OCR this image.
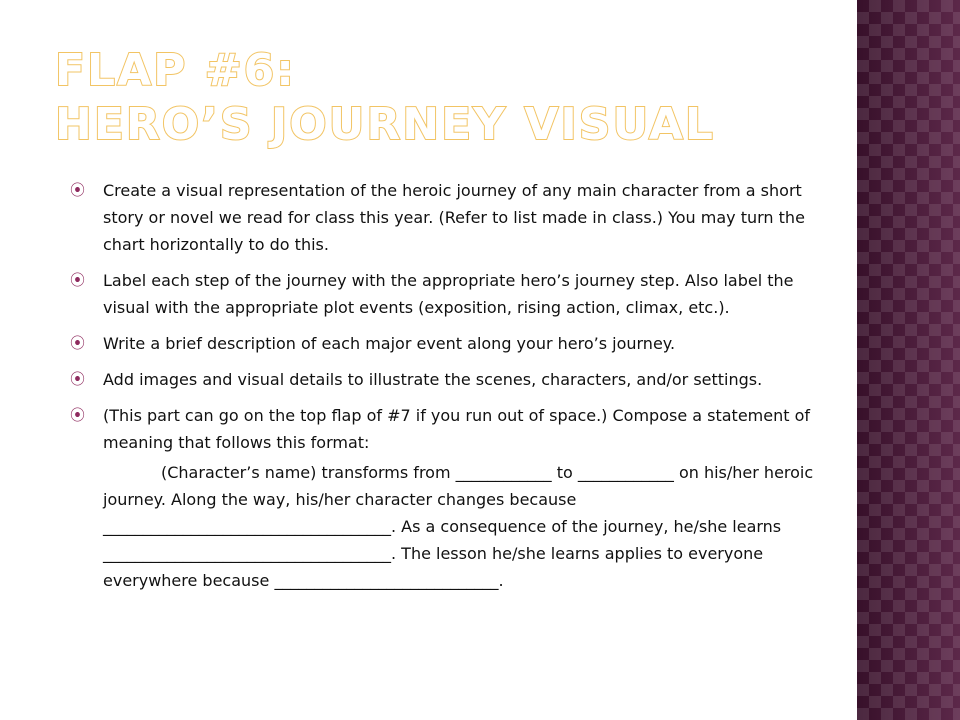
FLAP #6:
HERO’S JOURNEY VISUAL
⦿ Create a visual representation of the heroic journey of any main character from a short story or novel we read for class this year. (Refer to list made in class.) You may turn the chart horizontally to do this.
⦿ Label each step of the journey with the appropriate hero’s journey step. Also label the visual with the appropriate plot events (exposition, rising action, climax, etc.).
⦿ Write a brief description of each major event along your hero’s journey.
⦿ Add images and visual details to illustrate the scenes, characters, and/or settings.
⦿ (This part can go on the top flap of #7 if you run out of space.) Compose a statement of meaning that follows this format:
(Character’s name) transforms from ____________ to ____________ on his/her heroic journey. Along the way, his/her character changes because ____________________________________. As a consequence of the journey, he/she learns ____________________________________. The lesson he/she learns applies to everyone everywhere because ____________________________.
